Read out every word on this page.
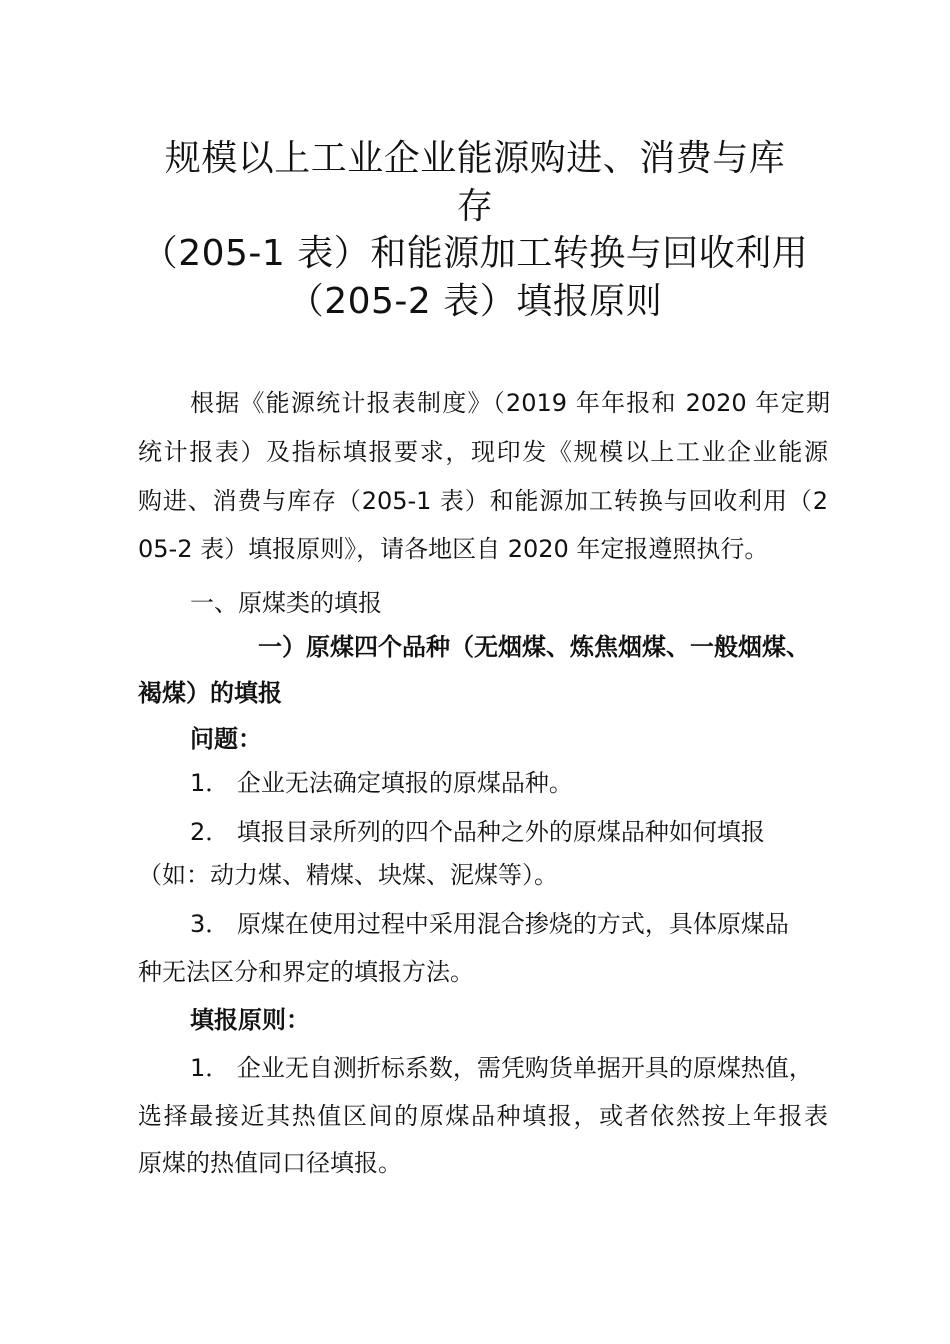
规模以上工业企业能源购进、消费与库
存
（205-1 表）和能源加工转换与回收利用
（205-2 表）填报原则
根据《能源统计报表制度》（2019 年年报和 2020 年定期
统计报表）及指标填报要求，现印发《规模以上工业企业能源
购进、消费与库存（205-1 表）和能源加工转换与回收利用（2
05-2 表）填报原则》，请各地区自 2020 年定报遵照执行。
一、原煤类的填报
一）原煤四个品种（无烟煤、炼焦烟煤、一般烟煤、
褐煤）的填报
问题：
1． 企业无法确定填报的原煤品种。
2． 填报目录所列的四个品种之外的原煤品种如何填报
（如：动力煤、精煤、块煤、泥煤等）。
3． 原煤在使用过程中采用混合掺烧的方式，具体原煤品
种无法区分和界定的填报方法。
填报原则：
1． 企业无自测折标系数，需凭购货单据开具的原煤热值，
选择最接近其热值区间的原煤品种填报，或者依然按上年报表
原煤的热值同口径填报。
